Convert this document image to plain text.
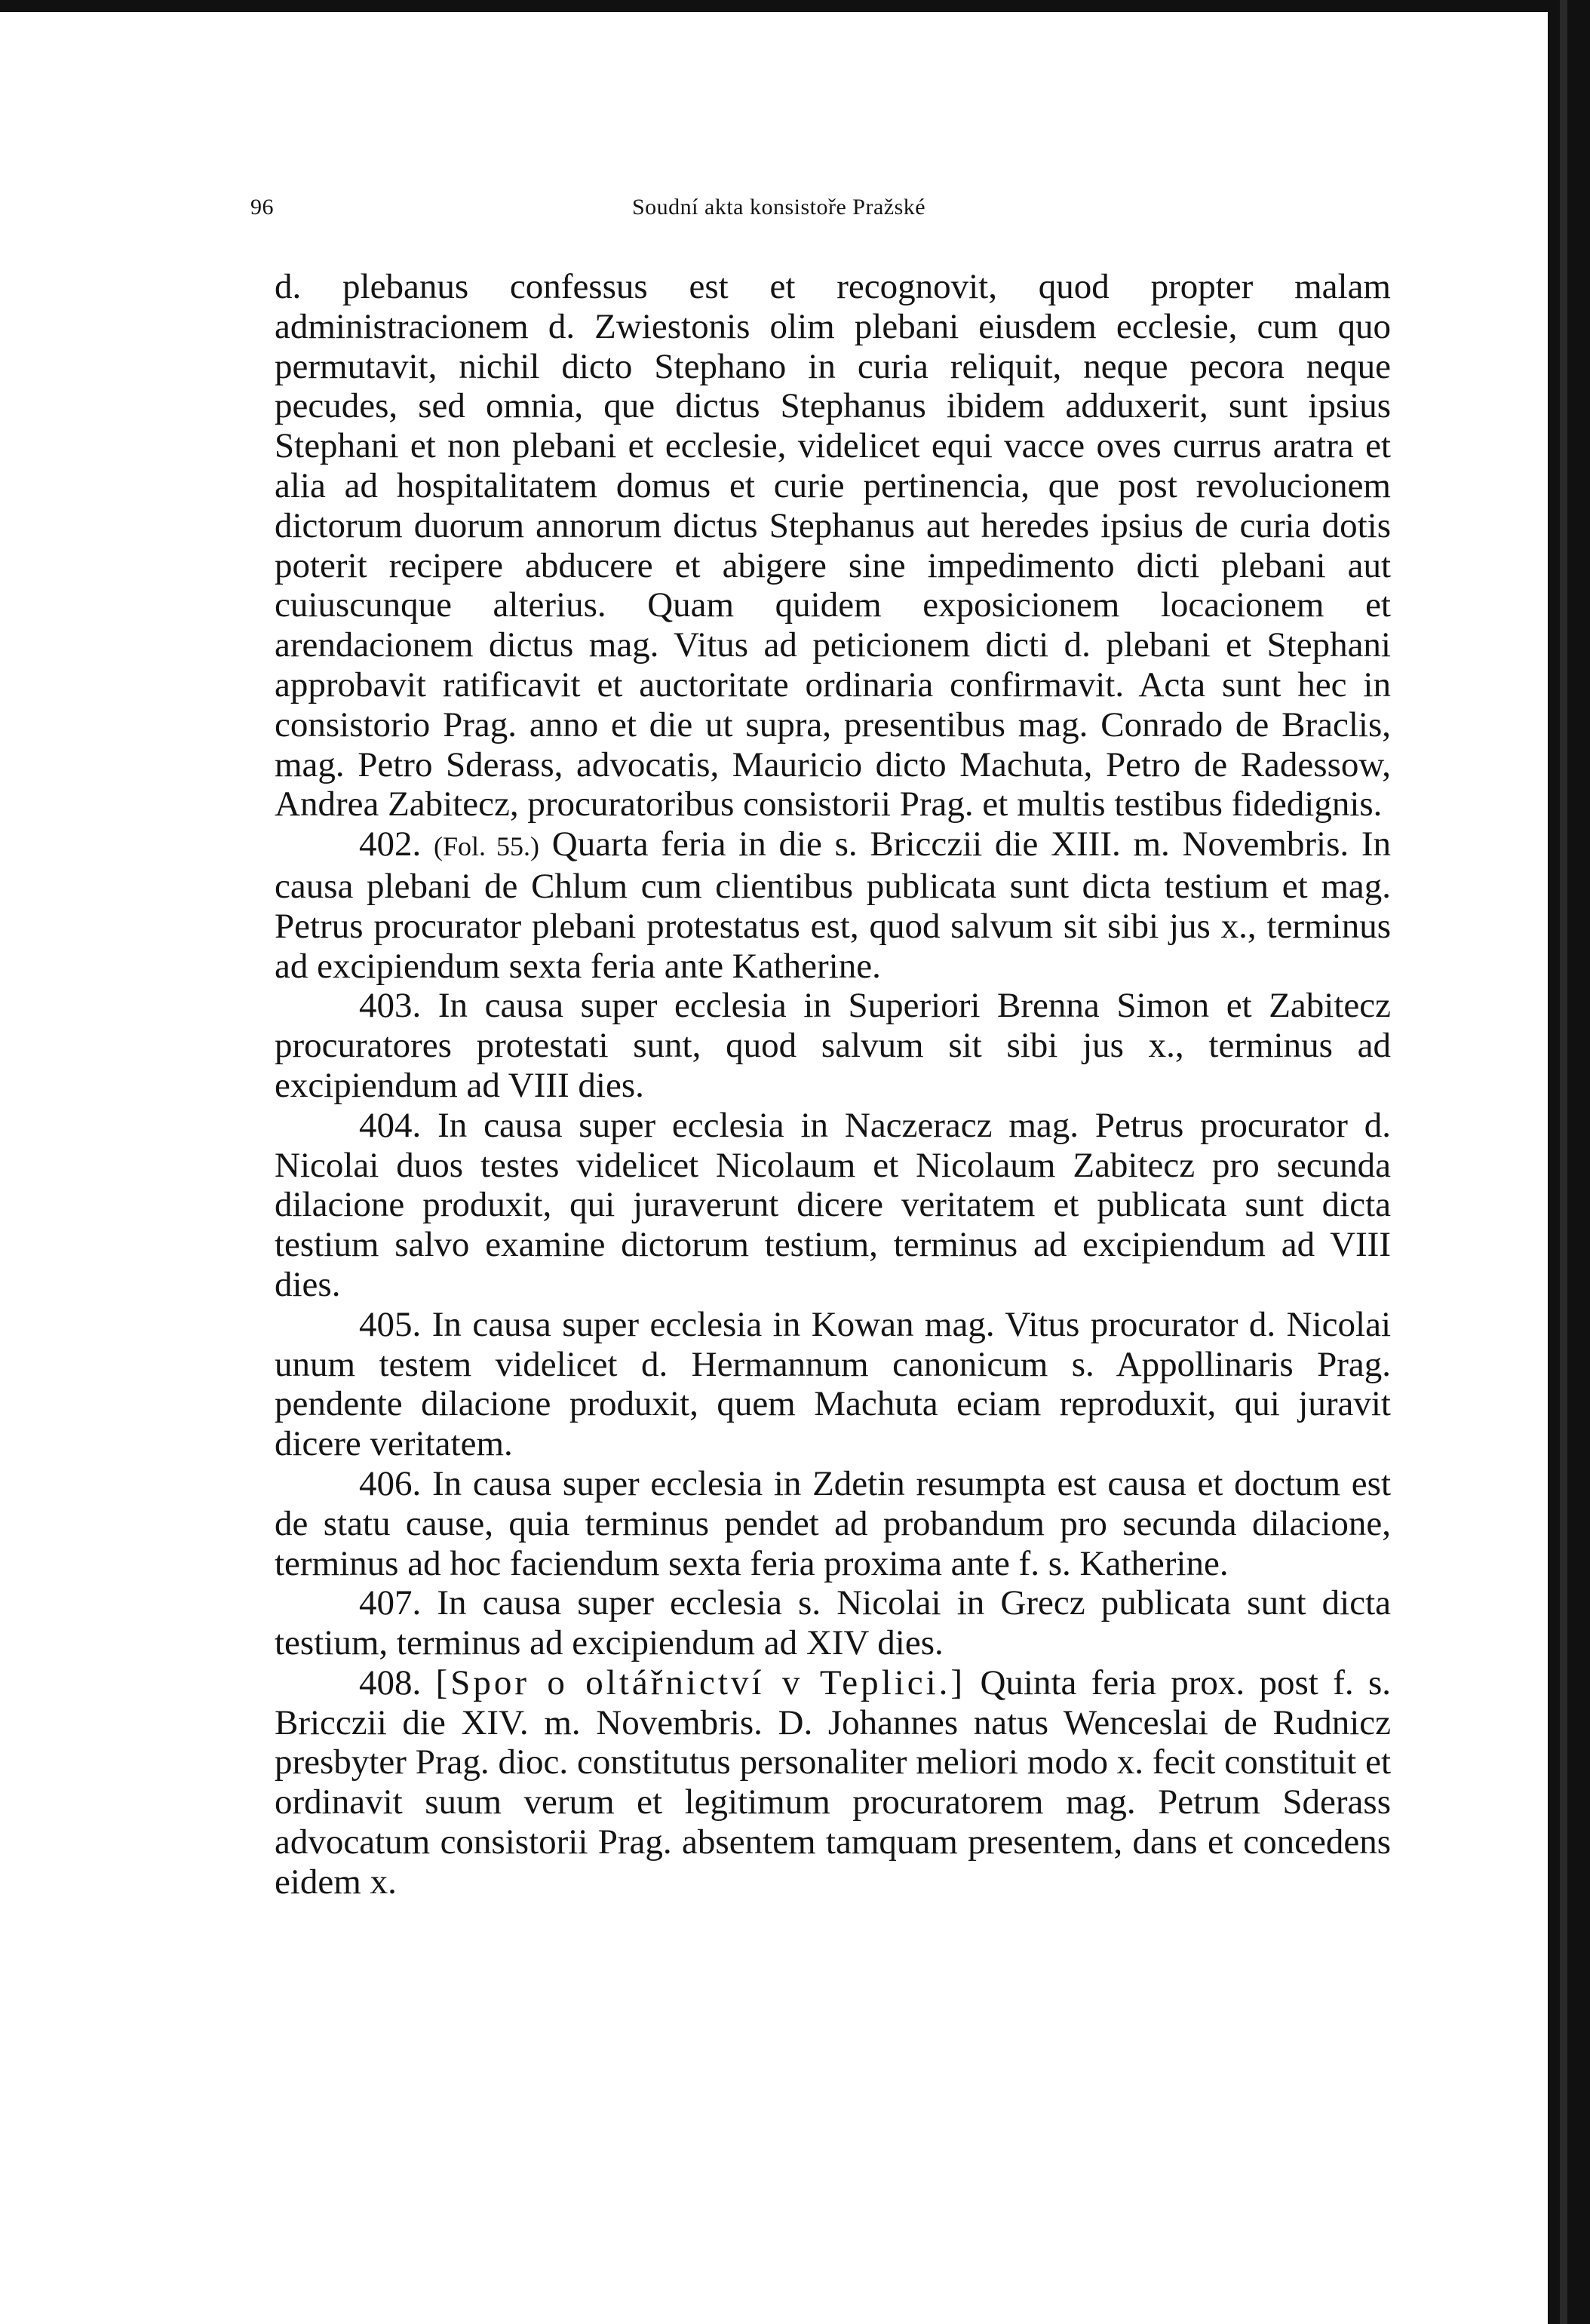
96	Soudní akta konsistoře Pražské

d. plebanus confessus est et recognovit, quod propter malam administracionem d. Zwiestonis olim plebani eiusdem ecclesie, cum quo permutavit, nichil dicto Stephano in curia reliquit, neque pecora neque pecudes, sed omnia, que dictus Stephanus ibidem adduxerit, sunt ipsius Stephani et non plebani et ecclesie, videlicet equi vacce oves currus aratra et alia ad hospitalitatem domus et curie pertinencia, que post revolucionem dictorum duorum annorum dictus Stephanus aut heredes ipsius de curia dotis poterit recipere abducere et abigere sine impedimento dicti plebani aut cuiuscunque alterius. Quam quidem exposicionem locacionem et arendacionem dictus mag. Vitus ad peticionem dicti d. plebani et Stephani approbavit ratificavit et auctoritate ordinaria confirmavit. Acta sunt hec in consistorio Prag. anno et die ut supra, presentibus mag. Conrado de Braclis, mag. Petro Sderass, advocatis, Mauricio dicto Machuta, Petro de Radessow, Andrea Zabitecz, procuratoribus consistorii Prag. et multis testibus fidedignis.

402. (Fol. 55.) Quarta feria in die s. Bricczii die XIII. m. Novembris. In causa plebani de Chlum cum clientibus publicata sunt dicta testium et mag. Petrus procurator plebani protestatus est, quod salvum sit sibi jus x., terminus ad excipiendum sexta feria ante Katherine.

403. In causa super ecclesia in Superiori Brenna Simon et Zabitecz procuratores protestati sunt, quod salvum sit sibi jus x., terminus ad excipiendum ad VIII dies.

404. In causa super ecclesia in Naczeracz mag. Petrus procurator d. Nicolai duos testes videlicet Nicolaum et Nicolaum Zabitecz pro secunda dilacione produxit, qui juraverunt dicere veritatem et publicata sunt dicta testium salvo examine dictorum testium, terminus ad excipiendum ad VIII dies.

405. In causa super ecclesia in Kowan mag. Vitus procurator d. Nicolai unum testem videlicet d. Hermannum canonicum s. Appollinaris Prag. pendente dilacione produxit, quem Machuta eciam reproduxit, qui juravit dicere veritatem.

406. In causa super ecclesia in Zdetin resumpta est causa et doctum est de statu cause, quia terminus pendet ad probandum pro secunda dilacione, terminus ad hoc faciendum sexta feria proxima ante f. s. Katherine.

407. In causa super ecclesia s. Nicolai in Grecz publicata sunt dicta testium, terminus ad excipiendum ad XIV dies.

408. [Spor o oltářnictví v Teplici.] Quinta feria prox. post f. s. Bricczii die XIV. m. Novembris. D. Johannes natus Wenceslai de Rudnicz presbyter Prag. dioc. constitutus personaliter meliori modo x. fecit constituit et ordinavit suum verum et legitimum procuratorem mag. Petrum Sderass advocatum consistorii Prag. absentem tamquam presentem, dans et concedens eidem x.
